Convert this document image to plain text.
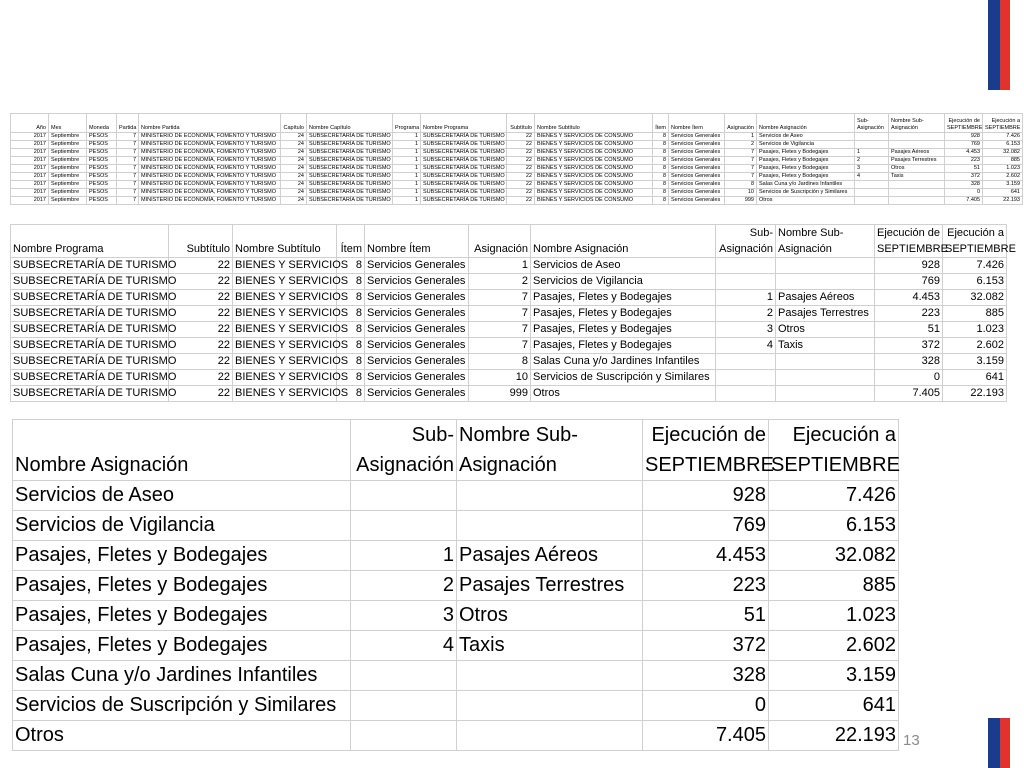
Año	Mes	Moneda	Partida	Nombre Partida	Capítulo	Nombre Capítulo	Programa	Nombre Programa	Subtítulo	Nombre Subtítulo	Ítem	Nombre Ítem	Asignación	Nombre Asignación	Sub-Asignación	Nombre Sub-Asignación	Ejecución de SEPTIEMBRE	Ejecución a SEPTIEMBRE
2017	Septiembre	PESOS	7	MINISTERIO DE ECONOMÍA, FOMENTO Y TURISMO	24	SUBSECRETARÍA DE TURISMO	1	SUBSECRETARÍA DE TURISMO	22	BIENES Y SERVICIOS DE CONSUMO	8	Servicios Generales	1	Servicios de Aseo			928	7.426
2017	Septiembre	PESOS	7	MINISTERIO DE ECONOMÍA, FOMENTO Y TURISMO	24	SUBSECRETARÍA DE TURISMO	1	SUBSECRETARÍA DE TURISMO	22	BIENES Y SERVICIOS DE CONSUMO	8	Servicios Generales	2	Servicios de Vigilancia			769	6.153
2017	Septiembre	PESOS	7	MINISTERIO DE ECONOMÍA, FOMENTO Y TURISMO	24	SUBSECRETARÍA DE TURISMO	1	SUBSECRETARÍA DE TURISMO	22	BIENES Y SERVICIOS DE CONSUMO	8	Servicios Generales	7	Pasajes, Fletes y Bodegajes	1	Pasajes Aéreos	4.453	32.082
2017	Septiembre	PESOS	7	MINISTERIO DE ECONOMÍA, FOMENTO Y TURISMO	24	SUBSECRETARÍA DE TURISMO	1	SUBSECRETARÍA DE TURISMO	22	BIENES Y SERVICIOS DE CONSUMO	8	Servicios Generales	7	Pasajes, Fletes y Bodegajes	2	Pasajes Terrestres	223	885
2017	Septiembre	PESOS	7	MINISTERIO DE ECONOMÍA, FOMENTO Y TURISMO	24	SUBSECRETARÍA DE TURISMO	1	SUBSECRETARÍA DE TURISMO	22	BIENES Y SERVICIOS DE CONSUMO	8	Servicios Generales	7	Pasajes, Fletes y Bodegajes	3	Otros	51	1.023
2017	Septiembre	PESOS	7	MINISTERIO DE ECONOMÍA, FOMENTO Y TURISMO	24	SUBSECRETARÍA DE TURISMO	1	SUBSECRETARÍA DE TURISMO	22	BIENES Y SERVICIOS DE CONSUMO	8	Servicios Generales	7	Pasajes, Fletes y Bodegajes	4	Taxis	372	2.602
2017	Septiembre	PESOS	7	MINISTERIO DE ECONOMÍA, FOMENTO Y TURISMO	24	SUBSECRETARÍA DE TURISMO	1	SUBSECRETARÍA DE TURISMO	22	BIENES Y SERVICIOS DE CONSUMO	8	Servicios Generales	8	Salas Cuna y/o Jardines Infantiles			328	3.159
2017	Septiembre	PESOS	7	MINISTERIO DE ECONOMÍA, FOMENTO Y TURISMO	24	SUBSECRETARÍA DE TURISMO	1	SUBSECRETARÍA DE TURISMO	22	BIENES Y SERVICIOS DE CONSUMO	8	Servicios Generales	10	Servicios de Suscripción y Similares			0	641
2017	Septiembre	PESOS	7	MINISTERIO DE ECONOMÍA, FOMENTO Y TURISMO	24	SUBSECRETARÍA DE TURISMO	1	SUBSECRETARÍA DE TURISMO	22	BIENES Y SERVICIOS DE CONSUMO	8	Servicios Generales	999	Otros			7.405	22.193
Nombre Programa	Subtítulo	Nombre Subtítulo	Ítem	Nombre Ítem	Asignación	Nombre Asignación	Sub-Asignación	Nombre Sub-Asignación	Ejecución de SEPTIEMBRE	Ejecución a SEPTIEMBRE
SUBSECRETARÍA DE TURISMO	22	BIENES Y SERVICIOS	8	Servicios Generales	1	Servicios de Aseo			928	7.426
SUBSECRETARÍA DE TURISMO	22	BIENES Y SERVICIOS	8	Servicios Generales	2	Servicios de Vigilancia			769	6.153
SUBSECRETARÍA DE TURISMO	22	BIENES Y SERVICIOS	8	Servicios Generales	7	Pasajes, Fletes y Bodegajes	1	Pasajes Aéreos	4.453	32.082
SUBSECRETARÍA DE TURISMO	22	BIENES Y SERVICIOS	8	Servicios Generales	7	Pasajes, Fletes y Bodegajes	2	Pasajes Terrestres	223	885
SUBSECRETARÍA DE TURISMO	22	BIENES Y SERVICIOS	8	Servicios Generales	7	Pasajes, Fletes y Bodegajes	3	Otros	51	1.023
SUBSECRETARÍA DE TURISMO	22	BIENES Y SERVICIOS	8	Servicios Generales	7	Pasajes, Fletes y Bodegajes	4	Taxis	372	2.602
SUBSECRETARÍA DE TURISMO	22	BIENES Y SERVICIOS	8	Servicios Generales	8	Salas Cuna y/o Jardines Infantiles			328	3.159
SUBSECRETARÍA DE TURISMO	22	BIENES Y SERVICIOS	8	Servicios Generales	10	Servicios de Suscripción y Similares			0	641
SUBSECRETARÍA DE TURISMO	22	BIENES Y SERVICIOS	8	Servicios Generales	999	Otros			7.405	22.193
Nombre Asignación	Sub-Asignación	Nombre Sub-Asignación	Ejecución de SEPTIEMBRE	Ejecución a SEPTIEMBRE
Servicios de Aseo			928	7.426
Servicios de Vigilancia			769	6.153
Pasajes, Fletes y Bodegajes	1	Pasajes Aéreos	4.453	32.082
Pasajes, Fletes y Bodegajes	2	Pasajes Terrestres	223	885
Pasajes, Fletes y Bodegajes	3	Otros	51	1.023
Pasajes, Fletes y Bodegajes	4	Taxis	372	2.602
Salas Cuna y/o Jardines Infantiles			328	3.159
Servicios de Suscripción y Similares			0	641
Otros			7.405	22.193 13
